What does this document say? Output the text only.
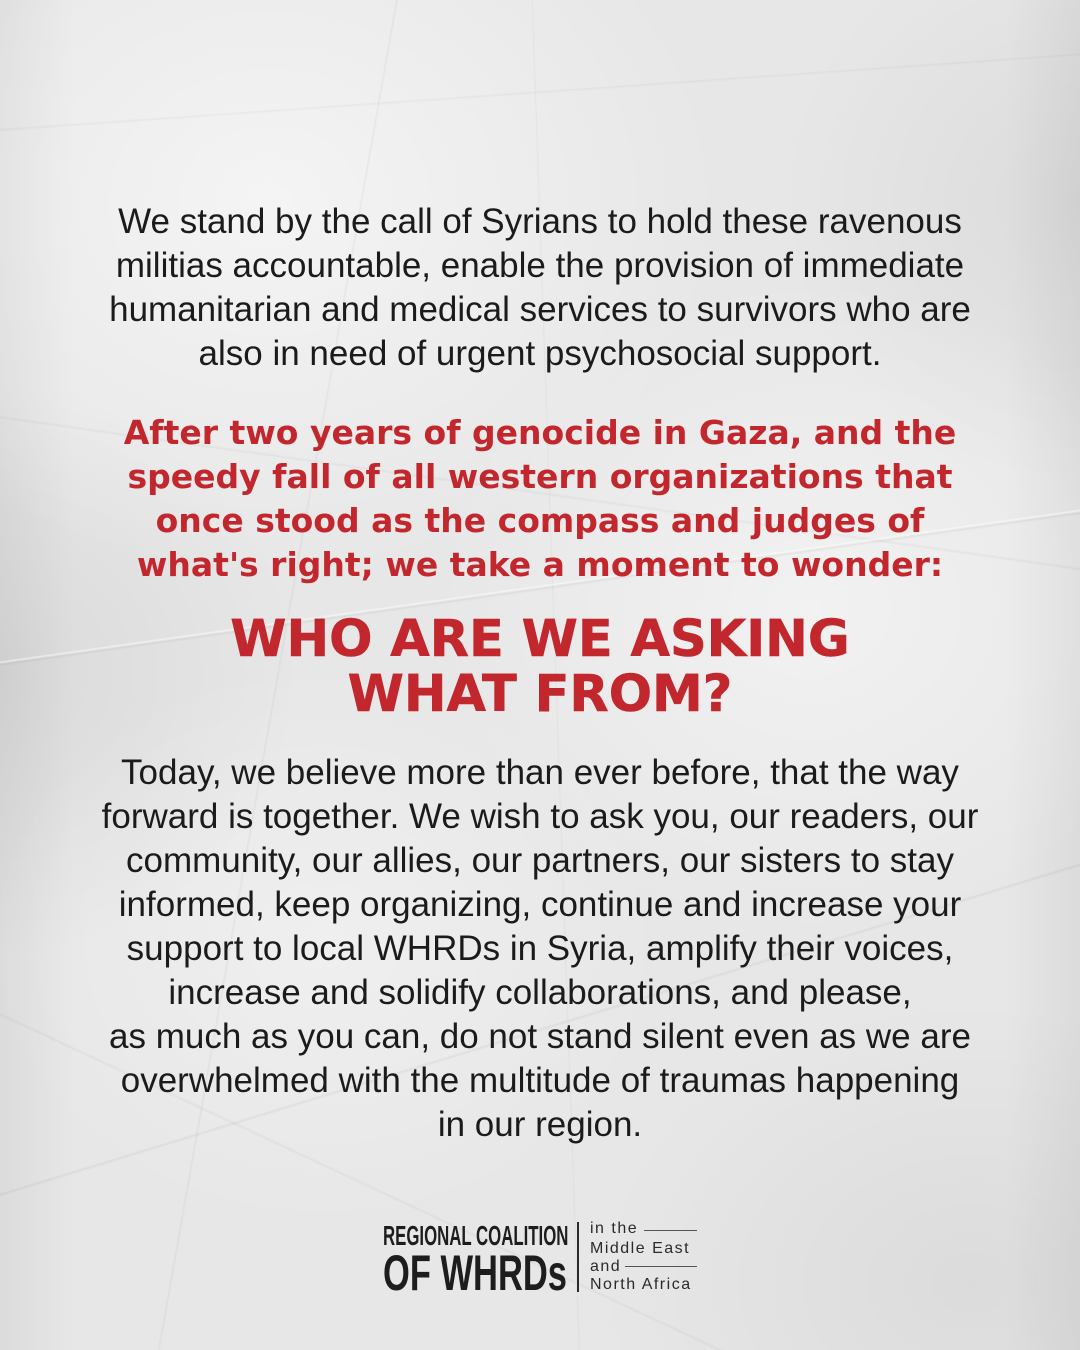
We stand by the call of Syrians to hold these ravenous
militias accountable, enable the provision of immediate
humanitarian and medical services to survivors who are
also in need of urgent psychosocial support.
After two years of genocide in Gaza, and the
speedy fall of all western organizations that
once stood as the compass and judges of
what's right; we take a moment to wonder:
WHO ARE WE ASKING
WHAT FROM?
Today, we believe more than ever before, that the way
forward is together. We wish to ask you, our readers, our
community, our allies, our partners, our sisters to stay
informed, keep organizing, continue and increase your
support to local WHRDs in Syria, amplify their voices,
increase and solidify collaborations, and please,
as much as you can, do not stand silent even as we are
overwhelmed with the multitude of traumas happening
in our region.
REGIONAL COALITION
OF WHRDs
in the
Middle East
and
North Africa
